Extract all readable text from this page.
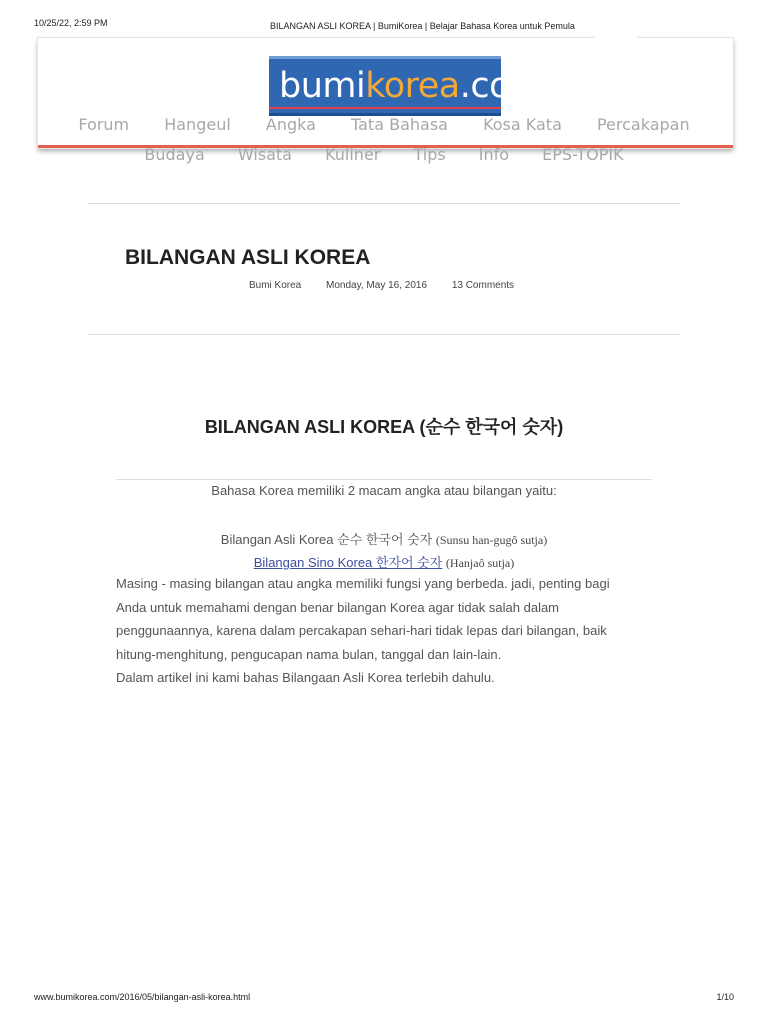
10/25/22, 2:59 PM	BILANGAN ASLI KOREA | BumiKorea | Belajar Bahasa Korea untuk Pemula
bumikorea.com
Forum Hangeul Angka Tata Bahasa Kosa Kata Percakapan
Budaya Wisata Kuliner Tips Info EPS-TOPIK
BILANGAN ASLI KOREA
Bumi Korea Monday, May 16, 2016 13 Comments
BILANGAN ASLI KOREA (순수 한국어 숫자)
Bahasa Korea memiliki 2 macam angka atau bilangan yaitu:
Bilangan Asli Korea 순수 한국어 숫자 (Sunsu han-gugô sutja)
Bilangan Sino Korea 한자어 숫자 (Hanjaô sutja)
Masing - masing bilangan atau angka memiliki fungsi yang berbeda. jadi, penting bagi
Anda untuk memahami dengan benar bilangan Korea agar tidak salah dalam
penggunaannya, karena dalam percakapan sehari-hari tidak lepas dari bilangan, baik
hitung-menghitung, pengucapan nama bulan, tanggal dan lain-lain.
Dalam artikel ini kami bahas Bilangaan Asli Korea terlebih dahulu.
www.bumikorea.com/2016/05/bilangan-asli-korea.html	1/10
